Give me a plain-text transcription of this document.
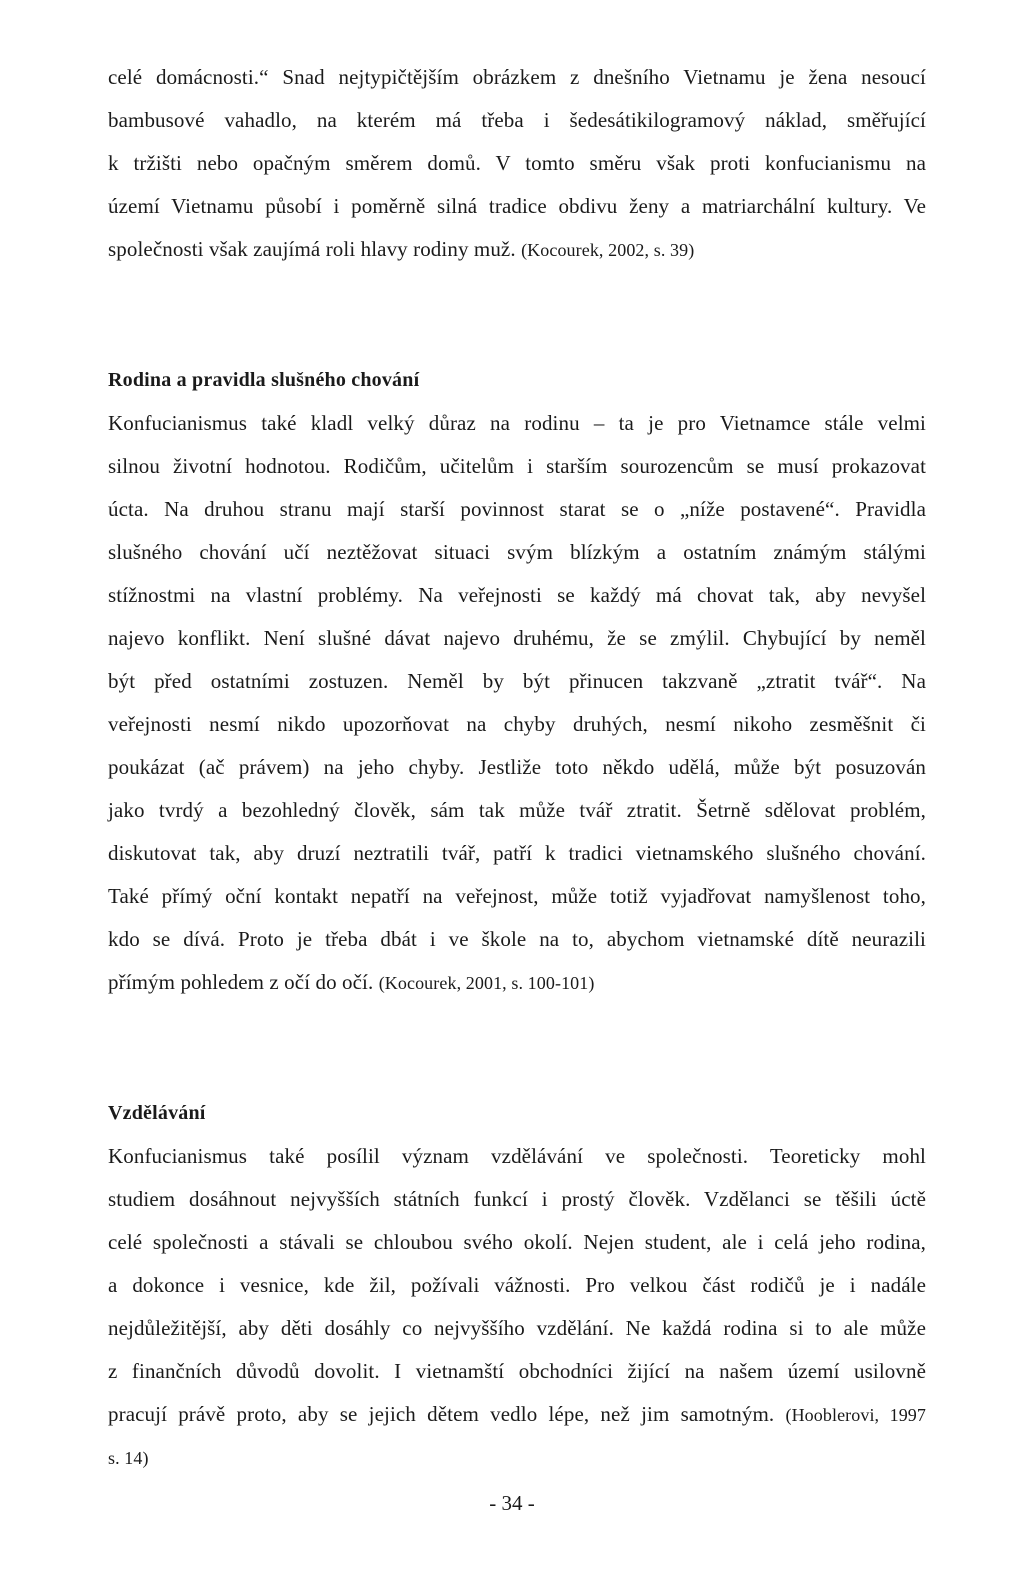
celé domácnosti.“ Snad nejtypičtějším obrázkem z dnešního Vietnamu je žena nesoucí
bambusové vahadlo, na kterém má třeba i šedesátikilogramový náklad, směřující
k tržišti nebo opačným směrem domů. V tomto směru však proti konfucianismu na
území Vietnamu působí i poměrně silná tradice obdivu ženy a matriarchální kultury. Ve
společnosti však zaujímá roli hlavy rodiny muž. (Kocourek, 2002, s. 39)
Rodina a pravidla slušného chování
Konfucianismus také kladl velký důraz na rodinu – ta je pro Vietnamce stále velmi
silnou životní hodnotou. Rodičům, učitelům i starším sourozencům se musí prokazovat
úcta. Na druhou stranu mají starší povinnost starat se o „níže postavené“. Pravidla
slušného chování učí neztěžovat situaci svým blízkým a ostatním známým stálými
stížnostmi na vlastní problémy. Na veřejnosti se každý má chovat tak, aby nevyšel
najevo konflikt. Není slušné dávat najevo druhému, že se zmýlil. Chybující by neměl
být před ostatními zostuzen. Neměl by být přinucen takzvaně „ztratit tvář“. Na
veřejnosti nesmí nikdo upozorňovat na chyby druhých, nesmí nikoho zesměšnit či
poukázat (ač právem) na jeho chyby. Jestliže toto někdo udělá, může být posuzován
jako tvrdý a bezohledný člověk, sám tak může tvář ztratit. Šetrně sdělovat problém,
diskutovat tak, aby druzí neztratili tvář, patří k tradici vietnamského slušného chování.
Také přímý oční kontakt nepatří na veřejnost, může totiž vyjadřovat namyšlenost toho,
kdo se dívá. Proto je třeba dbát i ve škole na to, abychom vietnamské dítě neurazili
přímým pohledem z očí do očí. (Kocourek, 2001, s. 100-101)
Vzdělávání
Konfucianismus také posílil význam vzdělávání ve společnosti. Teoreticky mohl
studiem dosáhnout nejvyšších státních funkcí i prostý člověk. Vzdělanci se těšili úctě
celé společnosti a stávali se chloubou svého okolí. Nejen student, ale i celá jeho rodina,
a dokonce i vesnice, kde žil, požívali vážnosti. Pro velkou část rodičů je i nadále
nejdůležitější, aby děti dosáhly co nejvyššího vzdělání. Ne každá rodina si to ale může
z finančních důvodů dovolit. I vietnamští obchodníci žijící na našem území usilovně
pracují právě proto, aby se jejich dětem vedlo lépe, než jim samotným. (Hooblerovi, 1997
s. 14)
- 34 -
